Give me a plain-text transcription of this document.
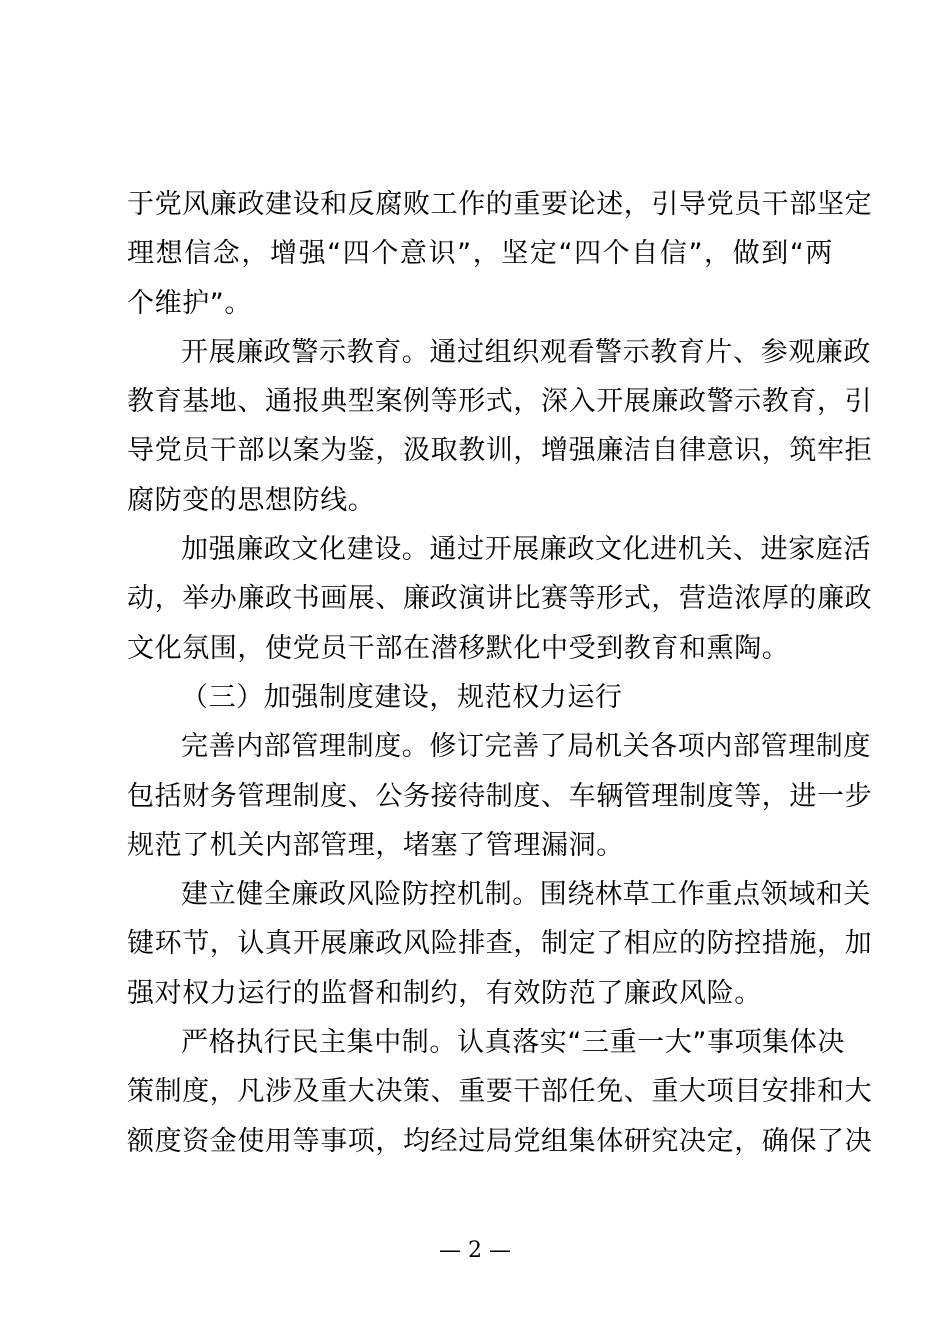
于党风廉政建设和反腐败工作的重要论述，引导党员干部坚定
理想信念，增强“四个意识”，坚定“四个自信”，做到“两
个维护”。
开展廉政警示教育。通过组织观看警示教育片、参观廉政
教育基地、通报典型案例等形式，深入开展廉政警示教育，引
导党员干部以案为鉴，汲取教训，增强廉洁自律意识，筑牢拒
腐防变的思想防线。
加强廉政文化建设。通过开展廉政文化进机关、进家庭活
动，举办廉政书画展、廉政演讲比赛等形式，营造浓厚的廉政
文化氛围，使党员干部在潜移默化中受到教育和熏陶。
（三）加强制度建设，规范权力运行
完善内部管理制度。修订完善了局机关各项内部管理制度
包括财务管理制度、公务接待制度、车辆管理制度等，进一步
规范了机关内部管理，堵塞了管理漏洞。
建立健全廉政风险防控机制。围绕林草工作重点领域和关
键环节，认真开展廉政风险排查，制定了相应的防控措施，加
强对权力运行的监督和制约，有效防范了廉政风险。
严格执行民主集中制。认真落实“三重一大”事项集体决
策制度，凡涉及重大决策、重要干部任免、重大项目安排和大
额度资金使用等事项，均经过局党组集体研究决定，确保了决
— 2 —
